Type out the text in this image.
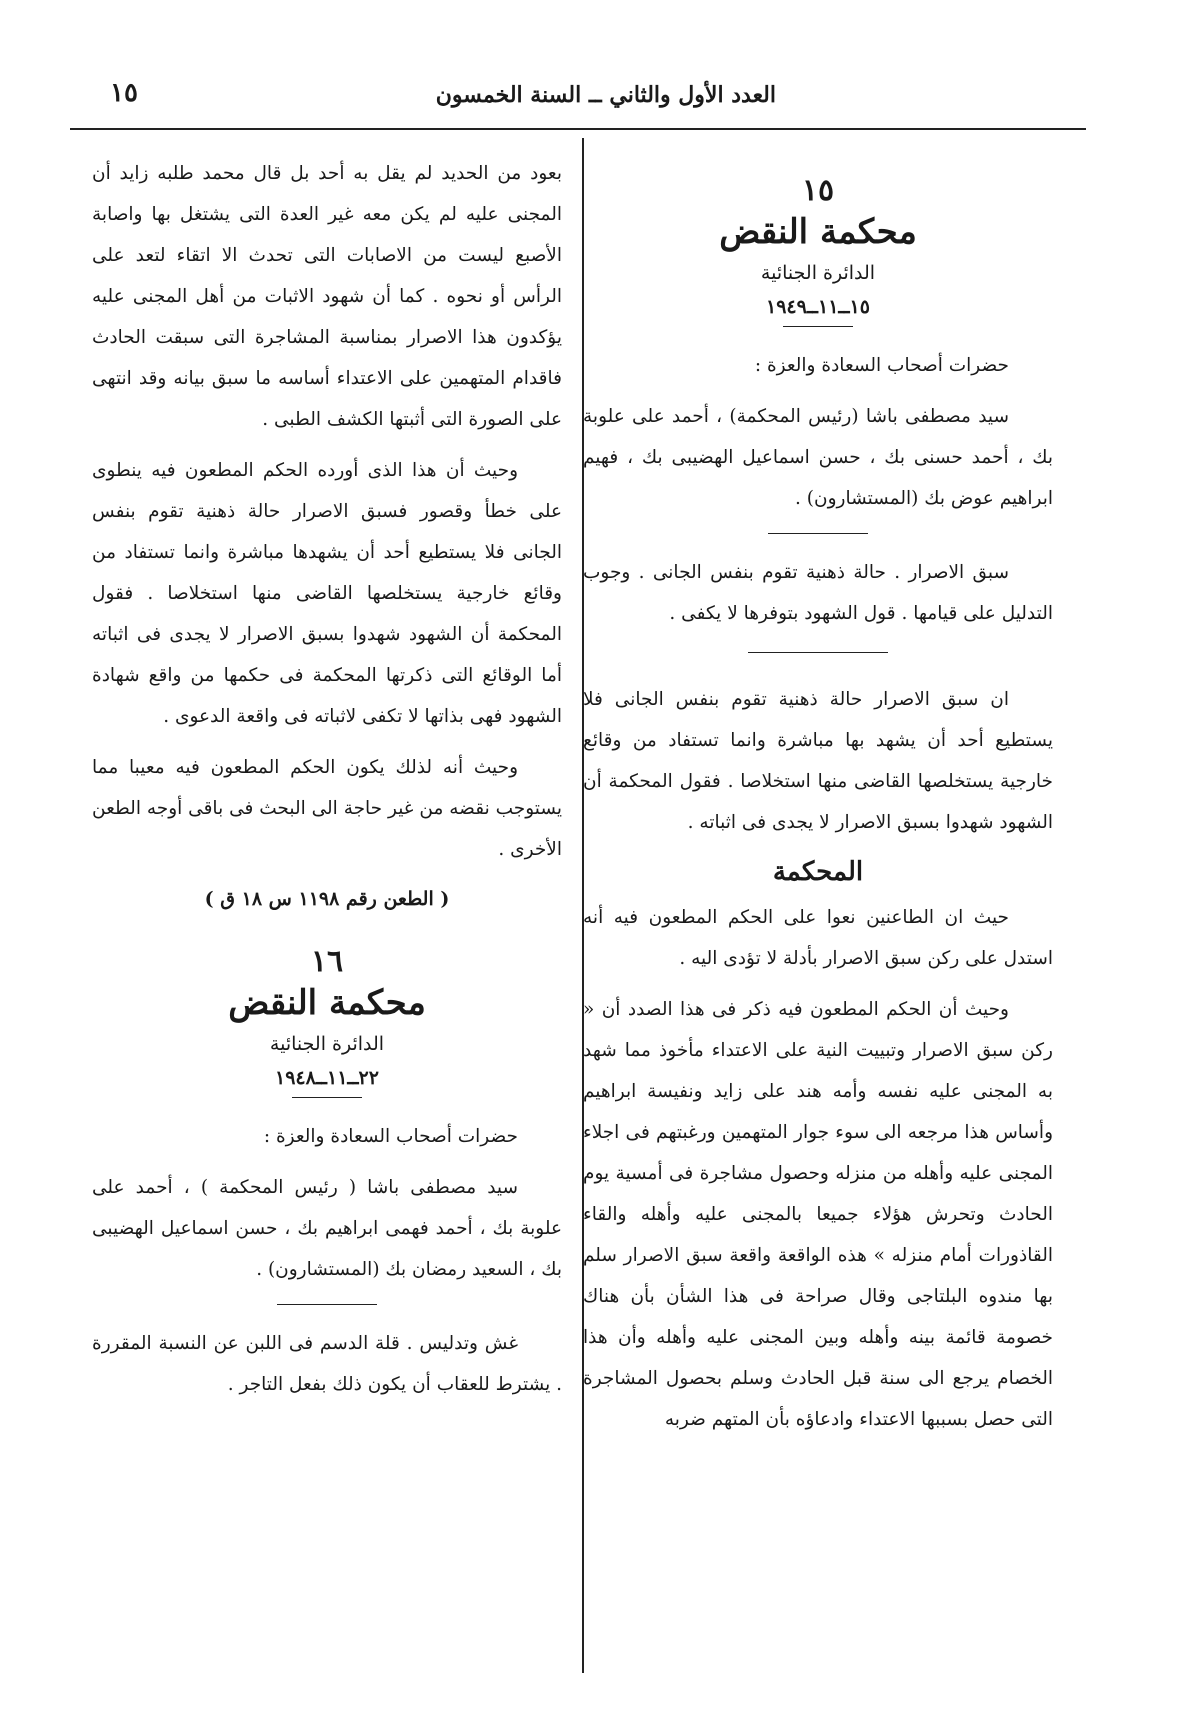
العدد الأول والثاني ــ السنة الخمسون
١٥
١٥
محكمة النقض
الدائرة الجنائية
١٥ــ١١ــ١٩٤٩

حضرات أصحاب السعادة والعزة :

سيد مصطفى باشا (رئيس المحكمة) ، أحمد على علوبة بك ، أحمد حسنى بك ، حسن اسماعيل الهضيبى بك ، فهيم ابراهيم عوض بك (المستشارون) .

سبق الاصرار . حالة ذهنية تقوم بنفس الجانى . وجوب التدليل على قيامها . قول الشهود بتوفرها لا يكفى .

ان سبق الاصرار حالة ذهنية تقوم بنفس الجانى فلا يستطيع أحد أن يشهد بها مباشرة وانما تستفاد من وقائع خارجية يستخلصها القاضى منها استخلاصا . فقول المحكمة أن الشهود شهدوا بسبق الاصرار لا يجدى فى اثباته .

المحكمة

حيث ان الطاعنين نعوا على الحكم المطعون فيه أنه استدل على ركن سبق الاصرار بأدلة لا تؤدى اليه .

وحيث أن الحكم المطعون فيه ذكر فى هذا الصدد أن « ركن سبق الاصرار وتبييت النية على الاعتداء مأخوذ مما شهد به المجنى عليه نفسه وأمه هند على زايد ونفيسة ابراهيم وأساس هذا مرجعه الى سوء جوار المتهمين ورغبتهم فى اجلاء المجنى عليه وأهله من منزله وحصول مشاجرة فى أمسية يوم الحادث وتحرش هؤلاء جميعا بالمجنى عليه وأهله والقاء القاذورات أمام منزله » هذه الواقعة واقعة سبق الاصرار سلم بها مندوه البلتاجى وقال صراحة فى هذا الشأن بأن هناك خصومة قائمة بينه وأهله وبين المجنى عليه وأهله وأن هذا الخصام يرجع الى سنة قبل الحادث وسلم بحصول المشاجرة التى حصل بسببها الاعتداء وادعاؤه بأن المتهم ضربه

بعود من الحديد لم يقل به أحد بل قال محمد طلبه زايد أن المجنى عليه لم يكن معه غير العدة التى يشتغل بها واصابة الأصبع ليست من الاصابات التى تحدث الا اتقاء لتعد على الرأس أو نحوه . كما أن شهود الاثبات من أهل المجنى عليه يؤكدون هذا الاصرار بمناسبة المشاجرة التى سبقت الحادث فاقدام المتهمين على الاعتداء أساسه ما سبق بيانه وقد انتهى على الصورة التى أثبتها الكشف الطبى .

وحيث أن هذا الذى أورده الحكم المطعون فيه ينطوى على خطأ وقصور فسبق الاصرار حالة ذهنية تقوم بنفس الجانى فلا يستطيع أحد أن يشهدها مباشرة وانما تستفاد من وقائع خارجية يستخلصها القاضى منها استخلاصا . فقول المحكمة أن الشهود شهدوا بسبق الاصرار لا يجدى فى اثباته أما الوقائع التى ذكرتها المحكمة فى حكمها من واقع شهادة الشهود فهى بذاتها لا تكفى لاثباته فى واقعة الدعوى .

وحيث أنه لذلك يكون الحكم المطعون فيه معيبا مما يستوجب نقضه من غير حاجة الى البحث فى باقى أوجه الطعن الأخرى .

( الطعن رقم ١١٩٨ س ١٨ ق )
١٦
محكمة النقض
الدائرة الجنائية
٢٢ــ١١ــ١٩٤٨

حضرات أصحاب السعادة والعزة :

سيد مصطفى باشا ( رئيس المحكمة ) ، أحمد على علوبة بك ، أحمد فهمى ابراهيم بك ، حسن اسماعيل الهضيبى بك ، السعيد رمضان بك (المستشارون) .

غش وتدليس . قلة الدسم فى اللبن عن النسبة المقررة . يشترط للعقاب أن يكون ذلك بفعل التاجر .
